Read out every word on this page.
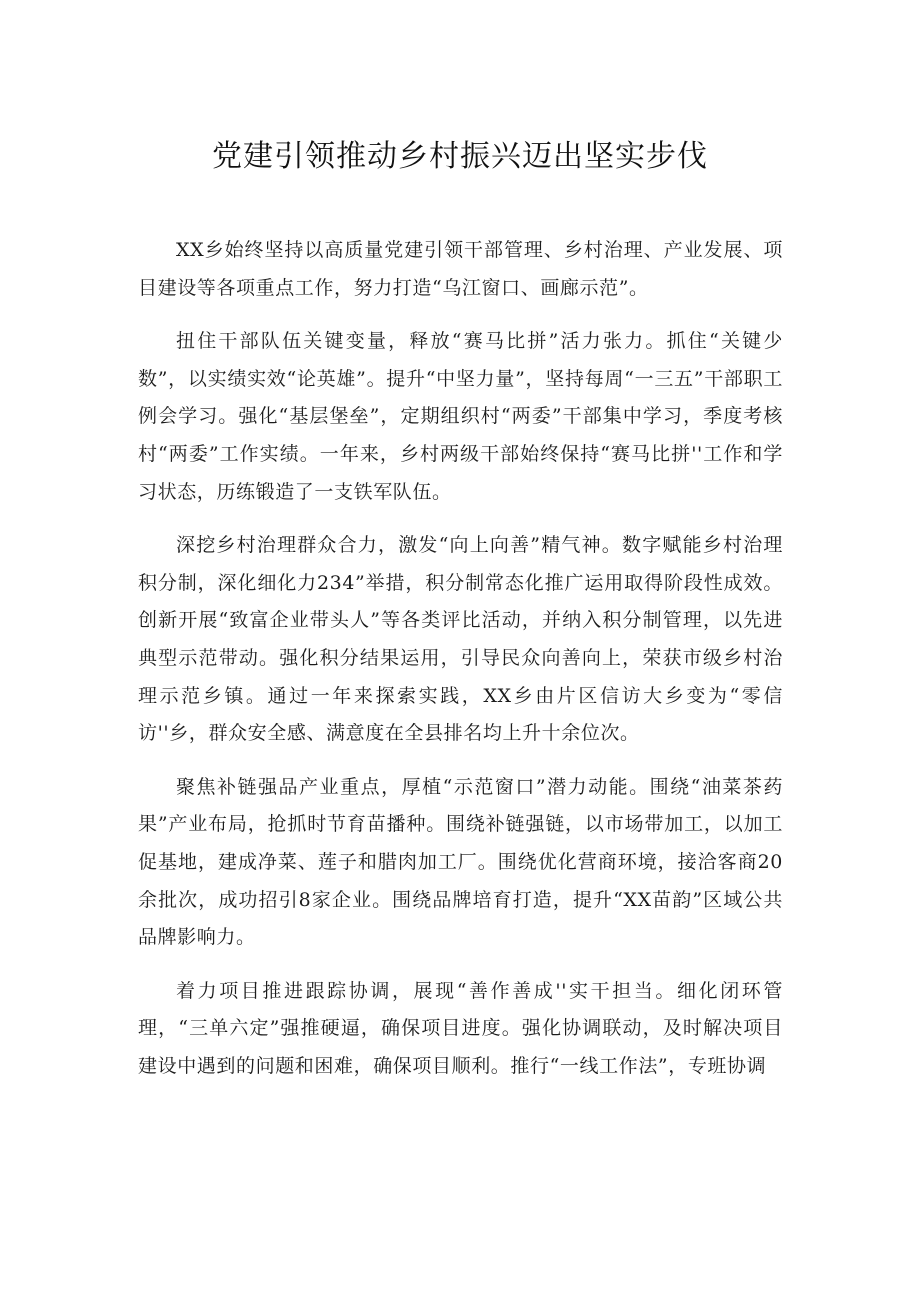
党建引领推动乡村振兴迈出坚实步伐

XX乡始终坚持以高质量党建引领干部管理、乡村治理、产业发展、项目建设等各项重点工作，努力打造“乌江窗口、画廊示范”。

扭住干部队伍关键变量，释放“赛马比拼”活力张力。抓住“关键少数”，以实绩实效“论英雄”。提升“中坚力量”，坚持每周“一三五”干部职工例会学习。强化“基层堡垒”，定期组织村“两委”干部集中学习，季度考核村“两委”工作实绩。一年来，乡村两级干部始终保持“赛马比拼''工作和学习状态，历练锻造了一支铁军队伍。

深挖乡村治理群众合力，激发“向上向善”精气神。数字赋能乡村治理积分制，深化细化力234”举措，积分制常态化推广运用取得阶段性成效。创新开展“致富企业带头人”等各类评比活动，并纳入积分制管理，以先进典型示范带动。强化积分结果运用，引导民众向善向上，荣获市级乡村治理示范乡镇。通过一年来探索实践，XX乡由片区信访大乡变为“零信访''乡，群众安全感、满意度在全县排名均上升十余位次。

聚焦补链强品产业重点，厚植“示范窗口”潜力动能。围绕“油菜茶药果”产业布局，抢抓时节育苗播种。围绕补链强链，以市场带加工，以加工促基地，建成净菜、莲子和腊肉加工厂。围绕优化营商环境，接洽客商20余批次，成功招引8家企业。围绕品牌培育打造，提升“XX苗韵”区域公共品牌影响力。

着力项目推进跟踪协调，展现“善作善成''实干担当。细化闭环管理，“三单六定”强推硬逼，确保项目进度。强化协调联动，及时解决项目建设中遇到的问题和困难，确保项目顺利。推行“一线工作法”，专班协调
